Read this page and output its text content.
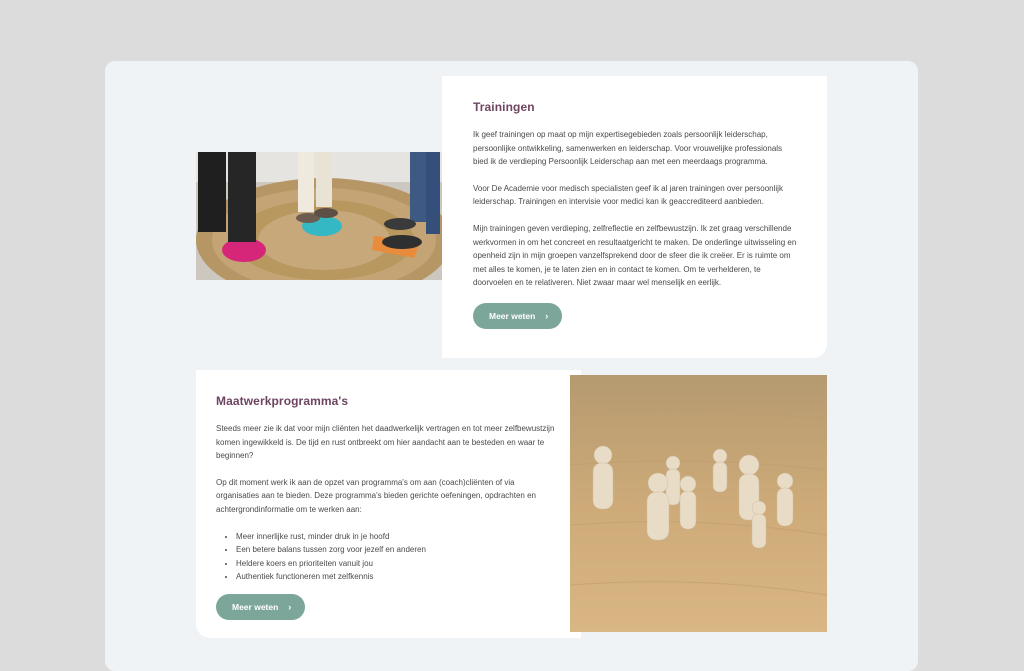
Trainingen

Ik geef trainingen op maat op mijn expertisegebieden zoals persoonlijk leiderschap, persoonlijke ontwikkeling, samenwerken en leiderschap. Voor vrouwelijke professionals bied ik de verdieping Persoonlijk Leiderschap aan met een meerdaags programma.

Voor De Academie voor medisch specialisten geef ik al jaren trainingen over persoonlijk leiderschap. Trainingen en intervisie voor medici kan ik geaccrediteerd aanbieden.

Mijn trainingen geven verdieping, zelfreflectie en zelfbewustzijn. Ik zet graag verschillende werkvormen in om het concreet en resultaatgericht te maken. De onderlinge uitwisseling en openheid zijn in mijn groepen vanzelfsprekend door de sfeer die ik creëer. Er is ruimte om met alles te komen, je te laten zien en in contact te komen. Om te verhelderen, te doorvoelen en te relativeren. Niet zwaar maar wel menselijk en eerlijk.

Meer weten ›
Maatwerkprogramma's

Steeds meer zie ik dat voor mijn cliënten het daadwerkelijk vertragen en tot meer zelfbewustzijn komen ingewikkeld is. De tijd en rust ontbreekt om hier aandacht aan te besteden en waar te beginnen?

Op dit moment werk ik aan de opzet van programma's om aan (coach)cliënten of via organisaties aan te bieden. Deze programma's bieden gerichte oefeningen, opdrachten en achtergrondinformatie om te werken aan:

• Meer innerlijke rust, minder druk in je hoofd
• Een betere balans tussen zorg voor jezelf en anderen
• Heldere koers en prioriteiten vanuit jou
• Authentiek functioneren met zelfkennis
Meer weten ›
